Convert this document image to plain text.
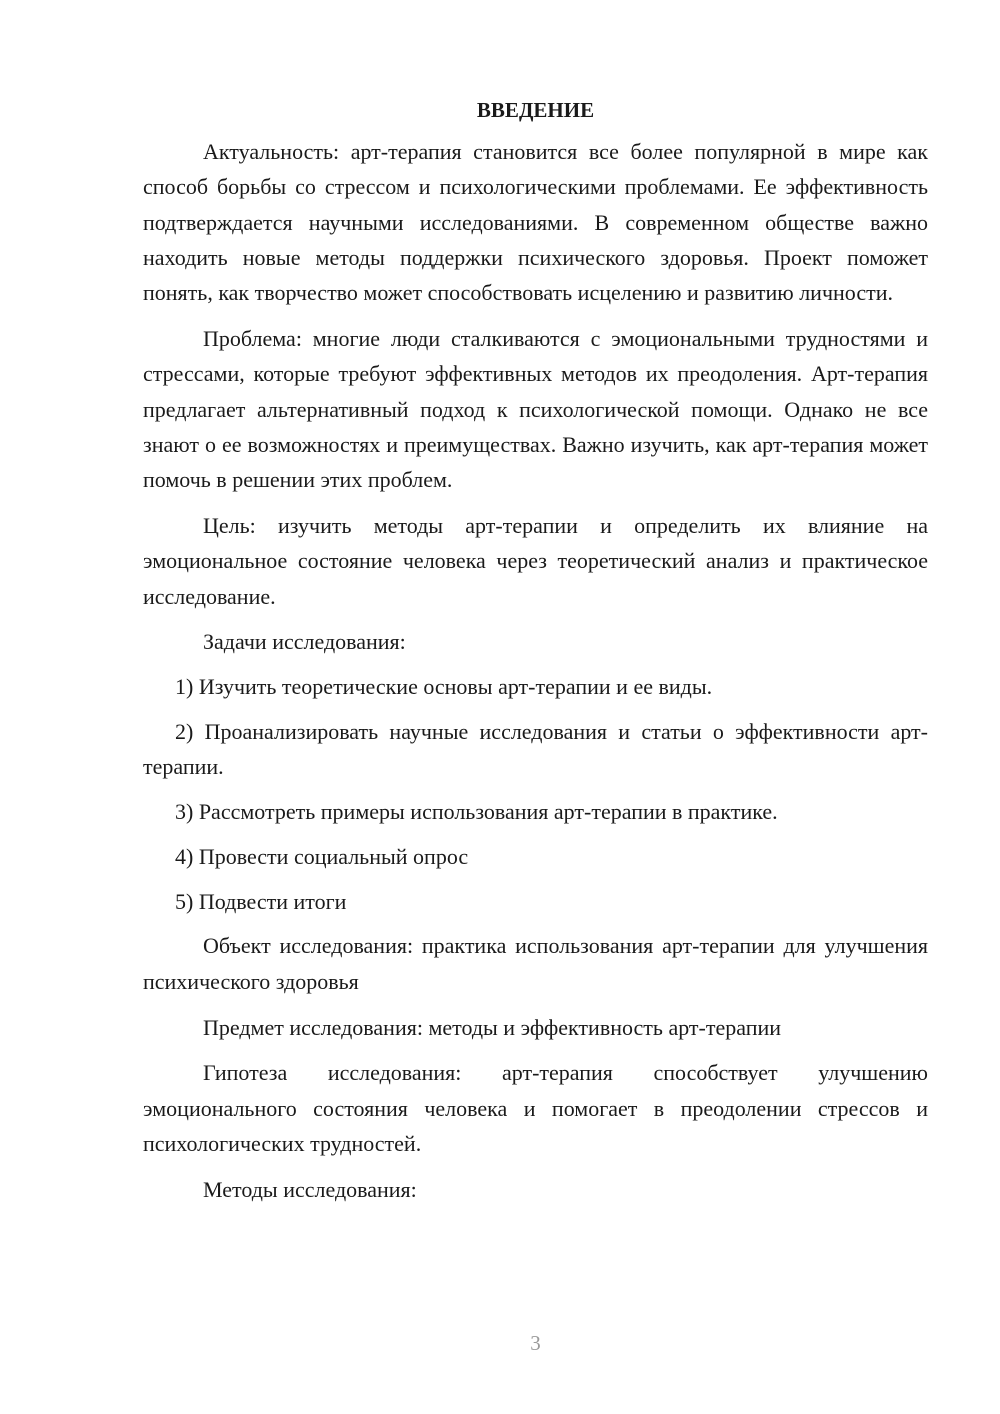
ВВЕДЕНИЕ

Актуальность: арт-терапия становится все более популярной в мире как способ борьбы со стрессом и психологическими проблемами. Ее эффективность подтверждается научными исследованиями. В современном обществе важно находить новые методы поддержки психического здоровья. Проект поможет понять, как творчество может способствовать исцелению и развитию личности.

Проблема: многие люди сталкиваются с эмоциональными трудностями и стрессами, которые требуют эффективных методов их преодоления. Арт-терапия предлагает альтернативный подход к психологической помощи. Однако не все знают о ее возможностях и преимуществах. Важно изучить, как арт-терапия может помочь в решении этих проблем.

Цель: изучить методы арт-терапии и определить их влияние на эмоциональное состояние человека через теоретический анализ и практическое исследование.

Задачи исследования:

1) Изучить теоретические основы арт-терапии и ее виды.

2) Проанализировать научные исследования и статьи о эффективности арт-терапии.

3) Рассмотреть примеры использования арт-терапии в практике.

4) Провести социальный опрос

5) Подвести итоги

Объект исследования: практика использования арт-терапии для улучшения психического здоровья

Предмет исследования: методы и эффективность арт-терапии

Гипотеза исследования: арт-терапия способствует улучшению эмоционального состояния человека и помогает в преодолении стрессов и психологических трудностей.

Методы исследования:

3
